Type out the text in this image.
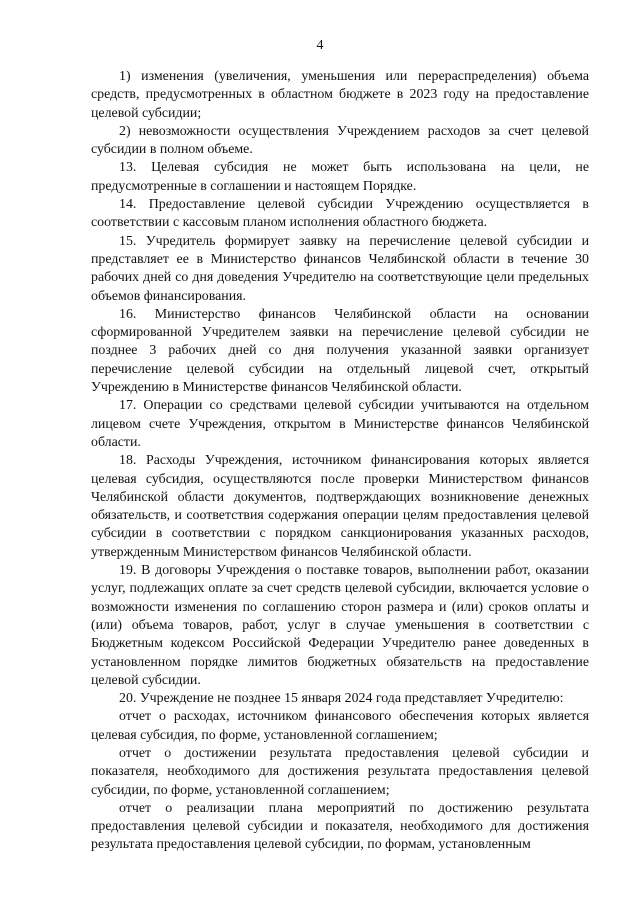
4

1) изменения (увеличения, уменьшения или перераспределения) объема средств, предусмотренных в областном бюджете в 2023 году на предоставление целевой субсидии;

2) невозможности осуществления Учреждением расходов за счет целевой субсидии в полном объеме.

13. Целевая субсидия не может быть использована на цели, не предусмотренные в соглашении и настоящем Порядке.

14. Предоставление целевой субсидии Учреждению осуществляется в соответствии с кассовым планом исполнения областного бюджета.

15. Учредитель формирует заявку на перечисление целевой субсидии и представляет ее в Министерство финансов Челябинской области в течение 30 рабочих дней со дня доведения Учредителю на соответствующие цели предельных объемов финансирования.

16. Министерство финансов Челябинской области на основании сформированной Учредителем заявки на перечисление целевой субсидии не позднее 3 рабочих дней со дня получения указанной заявки организует перечисление целевой субсидии на отдельный лицевой счет, открытый Учреждению в Министерстве финансов Челябинской области.

17. Операции со средствами целевой субсидии учитываются на отдельном лицевом счете Учреждения, открытом в Министерстве финансов Челябинской области.

18. Расходы Учреждения, источником финансирования которых является целевая субсидия, осуществляются после проверки Министерством финансов Челябинской области документов, подтверждающих возникновение денежных обязательств, и соответствия содержания операции целям предоставления целевой субсидии в соответствии с порядком санкционирования указанных расходов, утвержденным Министерством финансов Челябинской области.

19. В договоры Учреждения о поставке товаров, выполнении работ, оказании услуг, подлежащих оплате за счет средств целевой субсидии, включается условие о возможности изменения по соглашению сторон размера и (или) сроков оплаты и (или) объема товаров, работ, услуг в случае уменьшения в соответствии с Бюджетным кодексом Российской Федерации Учредителю ранее доведенных в установленном порядке лимитов бюджетных обязательств на предоставление целевой субсидии.

20. Учреждение не позднее 15 января 2024 года представляет Учредителю:

отчет о расходах, источником финансового обеспечения которых является целевая субсидия, по форме, установленной соглашением;

отчет о достижении результата предоставления целевой субсидии и показателя, необходимого для достижения результата предоставления целевой субсидии, по форме, установленной соглашением;

отчет о реализации плана мероприятий по достижению результата предоставления целевой субсидии и показателя, необходимого для достижения результата предоставления целевой субсидии, по формам, установленным
